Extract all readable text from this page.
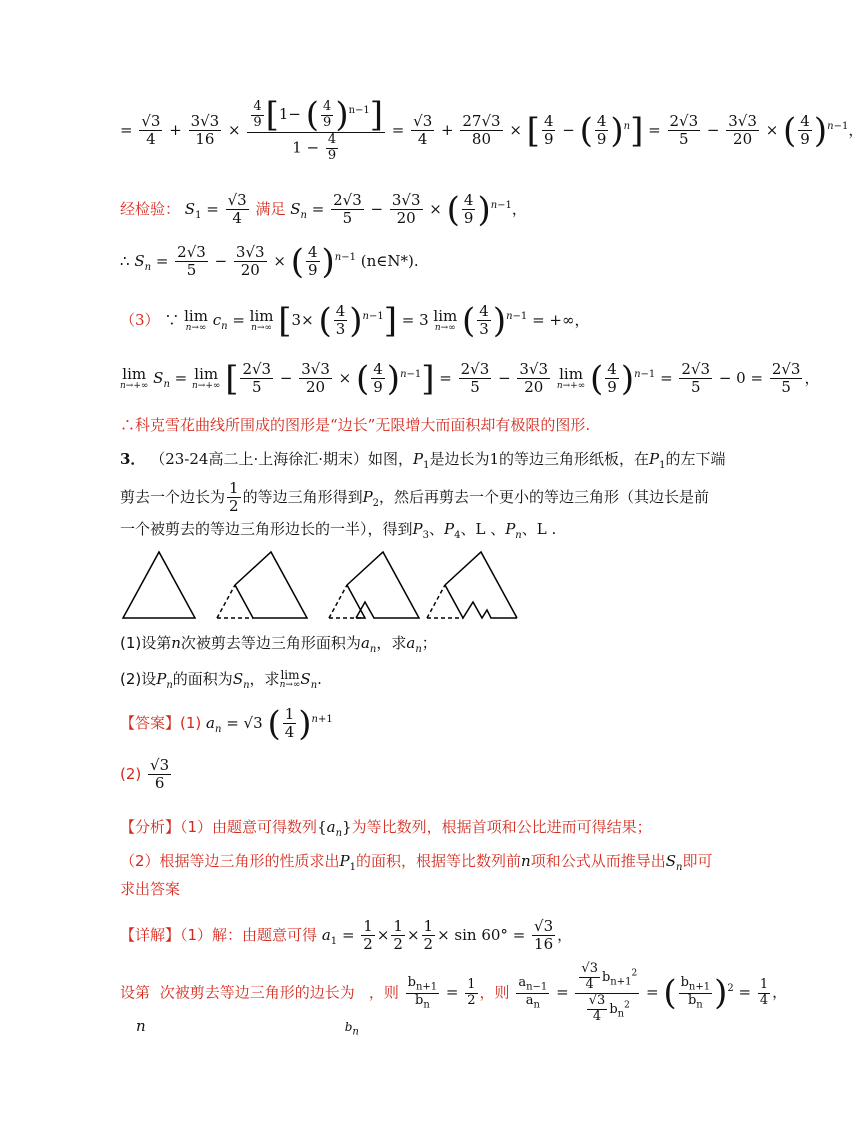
= $\frac{√3}{4} + \frac{3√3}{16} \times \frac{\frac{4}{9} [1- ( \frac{4}{9} )^{n-1}]}{1 - \frac{4}{9}} = \frac{√3}{4} + \frac{27√3}{80}$ × [ $\frac{4}{9}$ − ( $\frac{4}{9} )^n] = \frac{2√3}{5} - \frac{3√3}{20}$ × ( $\frac{4}{9} )^{n-1}$，
经检验： $S_1 = \frac{√3}{4}$ 满足 $S_n = \frac{2√3}{5} - \frac{3√3}{20}$ × ( $\frac{4}{9} )^{n-1}$，
∴ $S_n = \frac{2√3}{5} - \frac{3√3}{20}$ × ( $\frac{4}{9} )^{n-1}$ (n∈N*).
（3） ∵ lim
n→∞ $c_n = \lim$
n→∞ [3× ( $\frac{4}{3} )^{n-1}] = 3$ lim
n→∞ ( $\frac{4}{3} )^{n-1}$ = +∞，
lim
n→+∞ $S_n = \lim$
n→+∞ [ $\frac{2√3}{5} - \frac{3√3}{20}$ × ( $\frac{4}{9} )^{n-1}] = \frac{2√3}{5} - \frac{3√3}{20}$
lim
n→+∞ ( $\frac{4}{9} )^{n-1} = \frac{2√3}{5} - 0 = \frac{2√3}{5}$ ，
∴科克雪花曲线所围成的图形是“边长”无限增大而面积却有极限的图形.
3． （23-24高二上·上海徐汇·期末）如图，$P_1$是边长为1的等边三角形纸板，在$P_1$的左下端
剪去一个边长为 $\frac{1}{2}$ 的等边三角形得到$P_2$，然后再剪去一个更小的等边三角形（其边长是前
一个被剪去的等边三角形边长的一半），得到$P_3$、$P_4$、L 、$P_n$、L .
(1)设第n次被剪去等边三角形面积为$a_n$，求$a_n$；
(2)设$P_n$的面积为$S_n$，求 lim
n→∞ $S_n$.
【答案】(1) $a_n = √3$ ( $\frac{1}{4} )^{n+1}$
$(2) \frac{√3}{6}$
【分析】（1）由题意可得数列$\{a_n\}$为等比数列，根据首项和公比进而可得结果；
（2）根据等边三角形的性质求出$P_1$的面积，根据等比数列前n项和公式从而推导出$S_n$即可
求出答案
【详解】（1）解：由题意可得 $a_1 = \frac{1}{2} \times \frac{1}{2} \times \frac{1}{2} \times \sin 60^\circ = \frac{√3}{16}$ ，
设第n次被剪去等边三角形的边长为$_{b_n}$，则 $\frac{b_{n+1}}{b_n} = \frac{1}{2}$ ，则 $\frac{a_{n-1}}{a_n} = \frac{\frac{√3}{4} b_{n+1}^2}{\frac{√3}{4} b_n^2}$ = ( $\frac{b_{n+1}}{b_n} )^2 = \frac{1}{4}$ ，
